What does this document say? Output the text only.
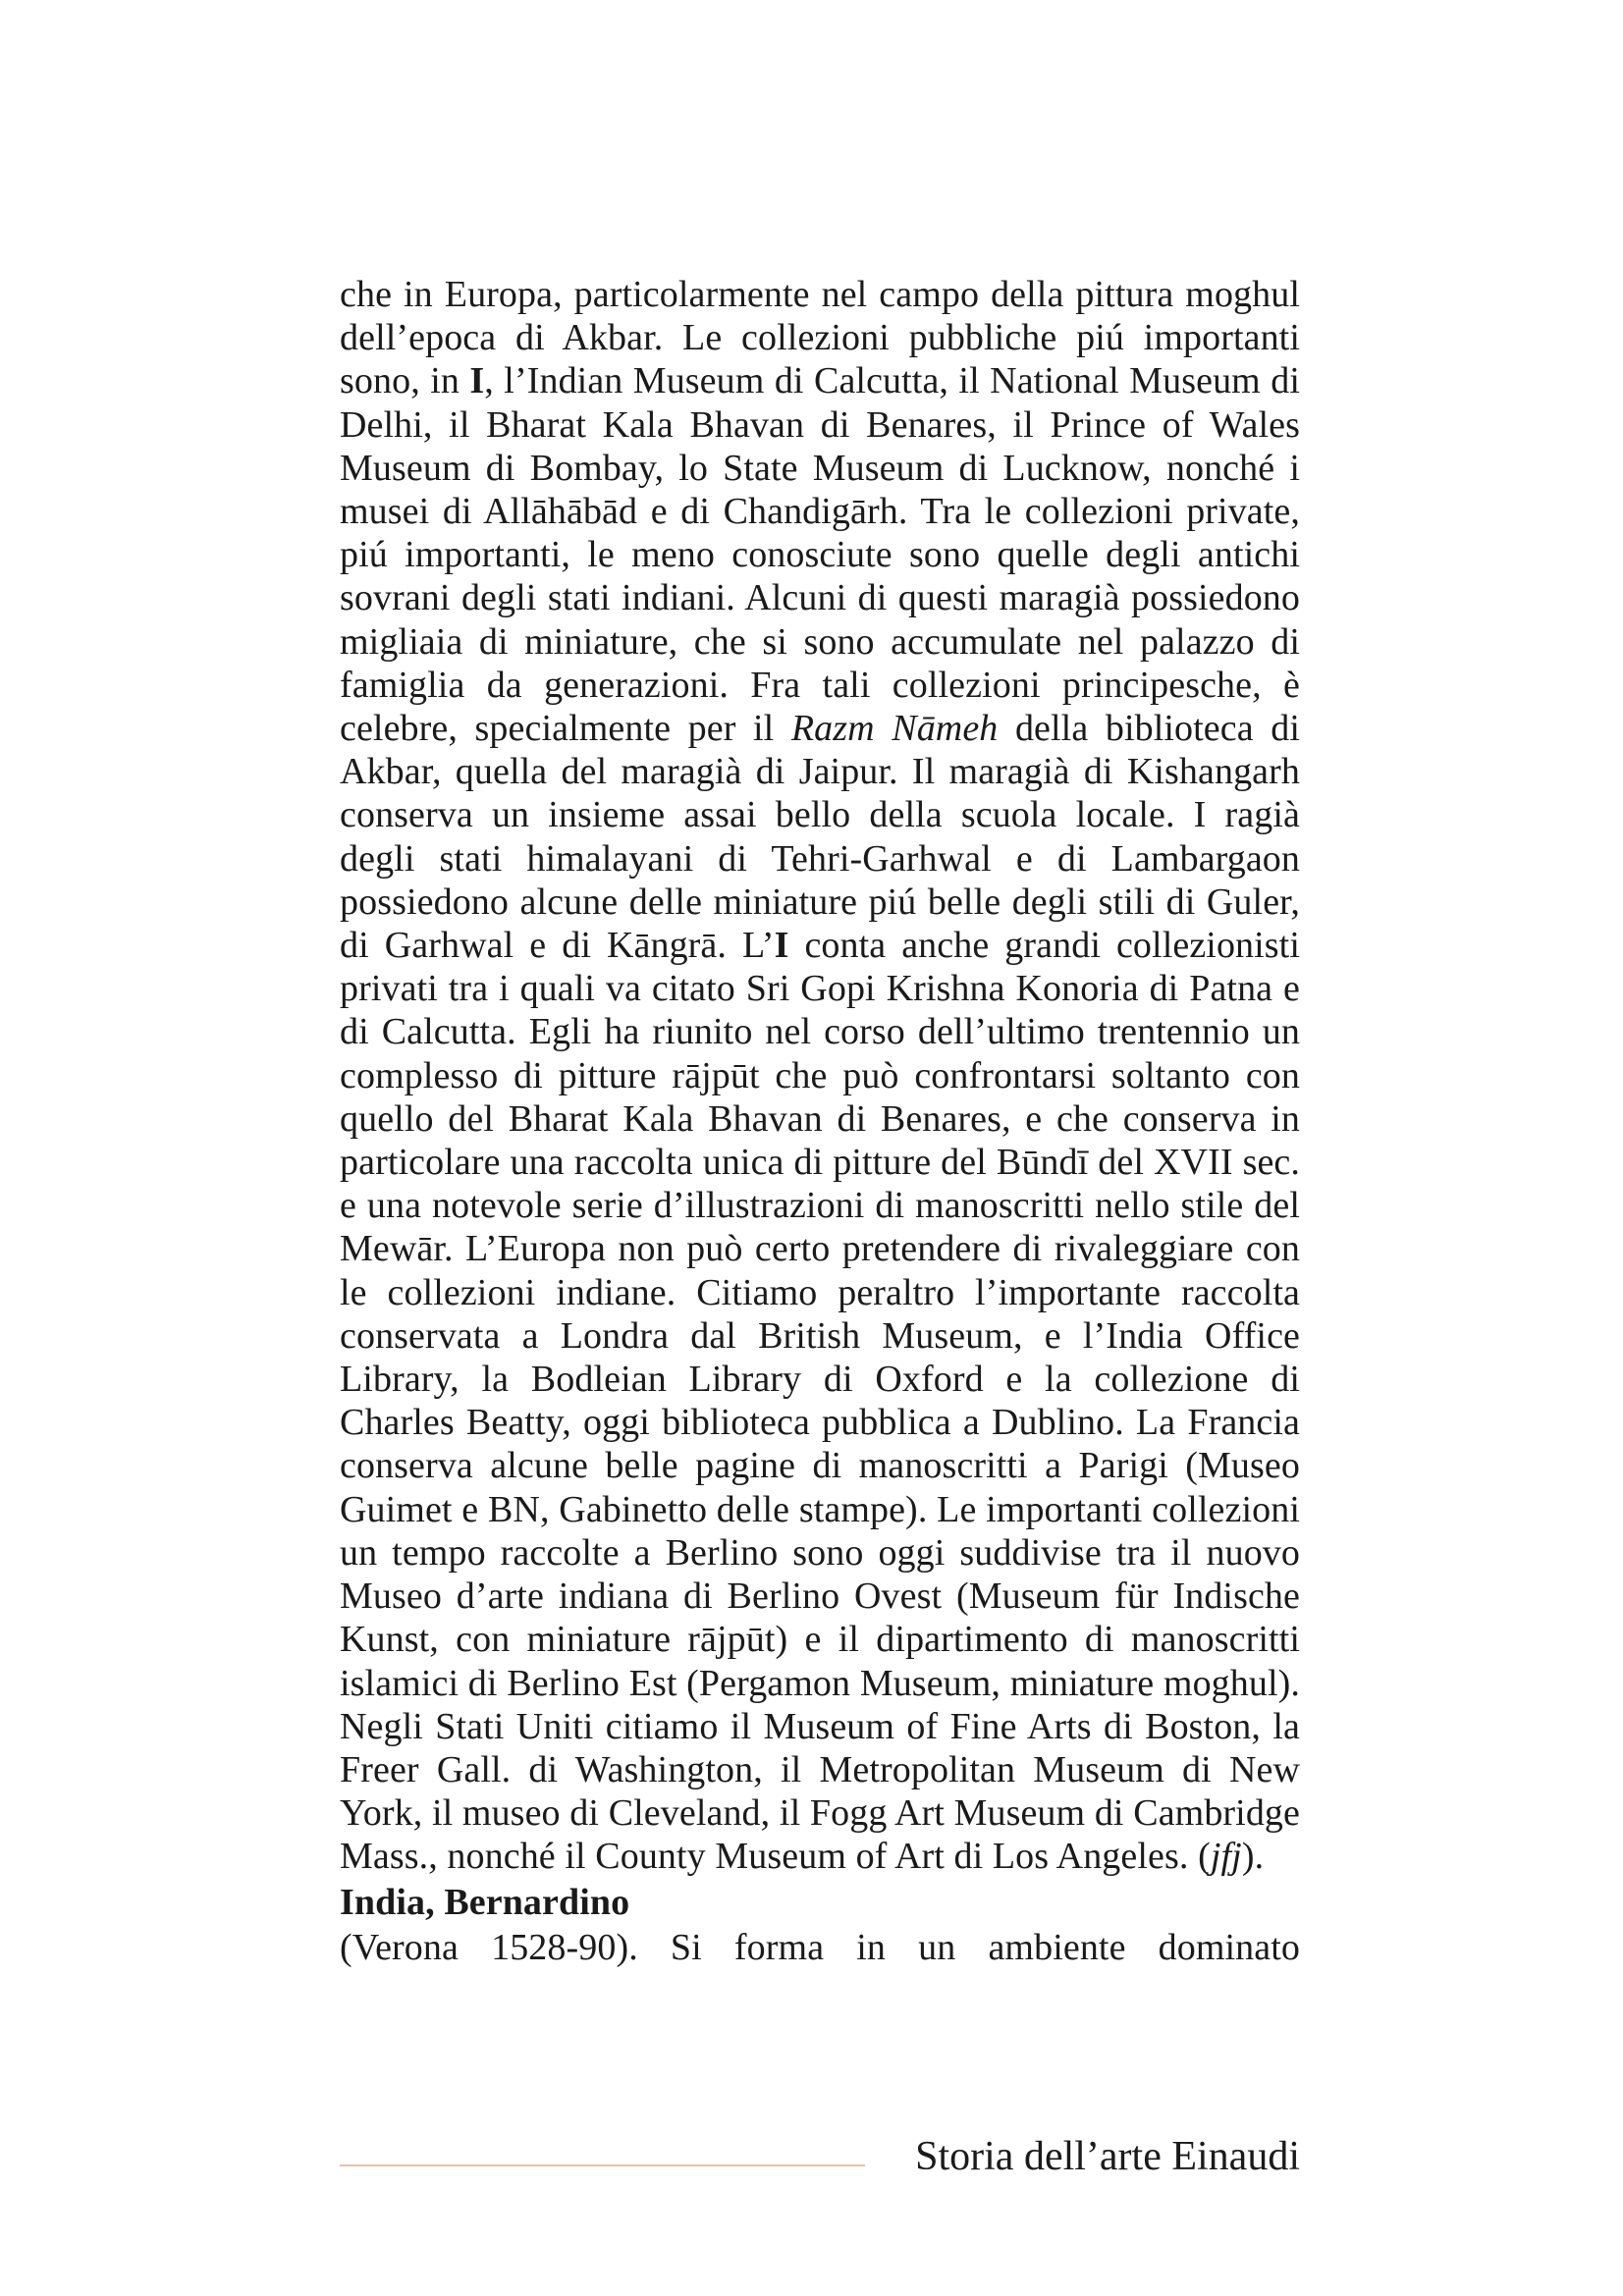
che in Europa, particolarmente nel campo della pittura moghul dell’epoca di Akbar. Le collezioni pubbliche piú importanti sono, in I, l’Indian Museum di Calcutta, il National Museum di Delhi, il Bharat Kala Bhavan di Benares, il Prince of Wales Museum di Bombay, lo State Museum di Lucknow, nonché i musei di Allāhābād e di Chandigārh. Tra le collezioni private, piú importanti, le meno conosciute sono quelle degli antichi sovrani degli stati indiani. Alcuni di questi maragià possiedono migliaia di miniature, che si sono accumulate nel palazzo di famiglia da generazioni. Fra tali collezioni principesche, è celebre, specialmente per il Razm Nāmeh della biblioteca di Akbar, quella del maragià di Jaipur. Il maragià di Kishangarh conserva un insieme assai bello della scuola locale. I ragià degli stati himalayani di Tehri-Garhwal e di Lambargaon possiedono alcune delle miniature piú belle degli stili di Guler, di Garhwal e di Kāngrā. L’I conta anche grandi collezionisti privati tra i quali va citato Sri Gopi Krishna Konoria di Patna e di Calcutta. Egli ha riunito nel corso dell’ultimo trentennio un complesso di pitture rājpūt che può confrontarsi soltanto con quello del Bharat Kala Bhavan di Benares, e che conserva in particolare una raccolta unica di pitture del Būndī del XVII sec. e una notevole serie d’illustrazioni di manoscritti nello stile del Mewār. L’Europa non può certo pretendere di rivaleggiare con le collezioni indiane. Citiamo peraltro l’importante raccolta conservata a Londra dal British Museum, e l’India Office Library, la Bodleian Library di Oxford e la collezione di Charles Beatty, oggi biblioteca pubblica a Dublino. La Francia conserva alcune belle pagine di manoscritti a Parigi (Museo Guimet e BN, Gabinetto delle stampe). Le importanti collezioni un tempo raccolte a Berlino sono oggi suddivise tra il nuovo Museo d’arte indiana di Berlino Ovest (Museum für Indische Kunst, con miniature rājpūt) e il dipartimento di manoscritti islamici di Berlino Est (Pergamon Museum, miniature moghul). Negli Stati Uniti citiamo il Museum of Fine Arts di Boston, la Freer Gall. di Washington, il Metropolitan Museum di New York, il museo di Cleveland, il Fogg Art Museum di Cambridge Mass., nonché il County Museum of Art di Los Angeles. (jfj).

India, Bernardino

(Verona 1528-90). Si forma in un ambiente dominato

Storia dell’arte Einaudi
